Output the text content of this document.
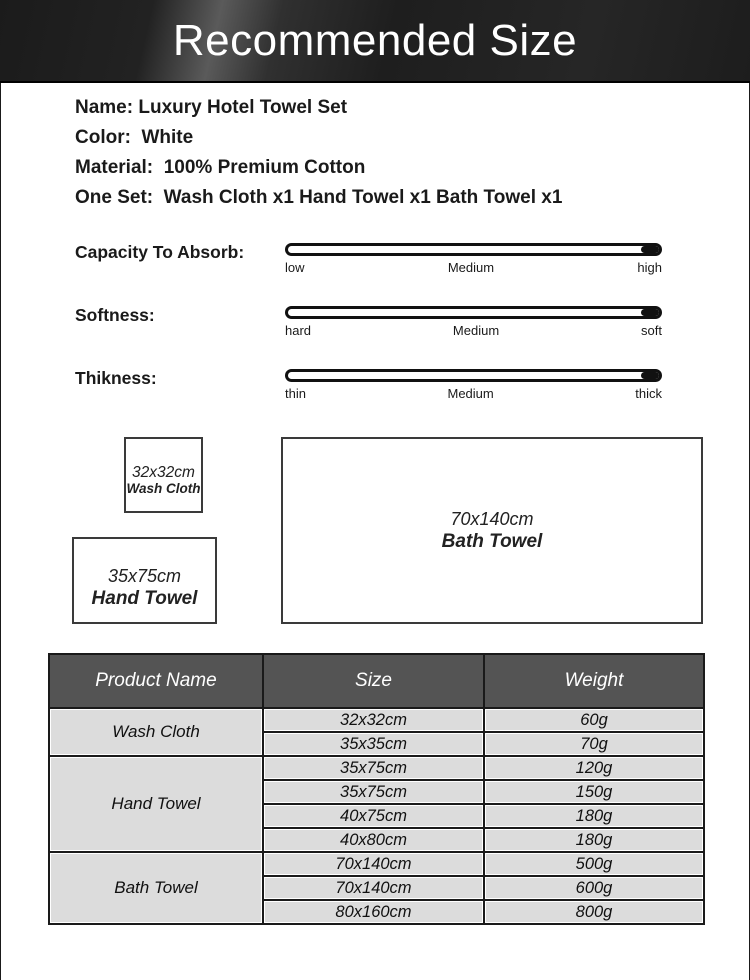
Recommended Size
Name: Luxury Hotel Towel Set
Color:  White
Material:  100% Premium Cotton
One Set:  Wash Cloth x1 Hand Towel x1 Bath Towel x1
Capacity To Absorb:
low	Medium	high
Softness:
hard	Medium	soft
Thikness:
thin	Medium	thick
32x32cm
Wash Cloth
35x75cm
Hand Towel
70x140cm
Bath Towel
Product Name	Size	Weight
Wash Cloth	32x32cm	60g
	35x35cm	70g
Hand Towel	35x75cm	120g
	35x75cm	150g
	40x75cm	180g
	40x80cm	180g
Bath Towel	70x140cm	500g
	70x140cm	600g
	80x160cm	800g
